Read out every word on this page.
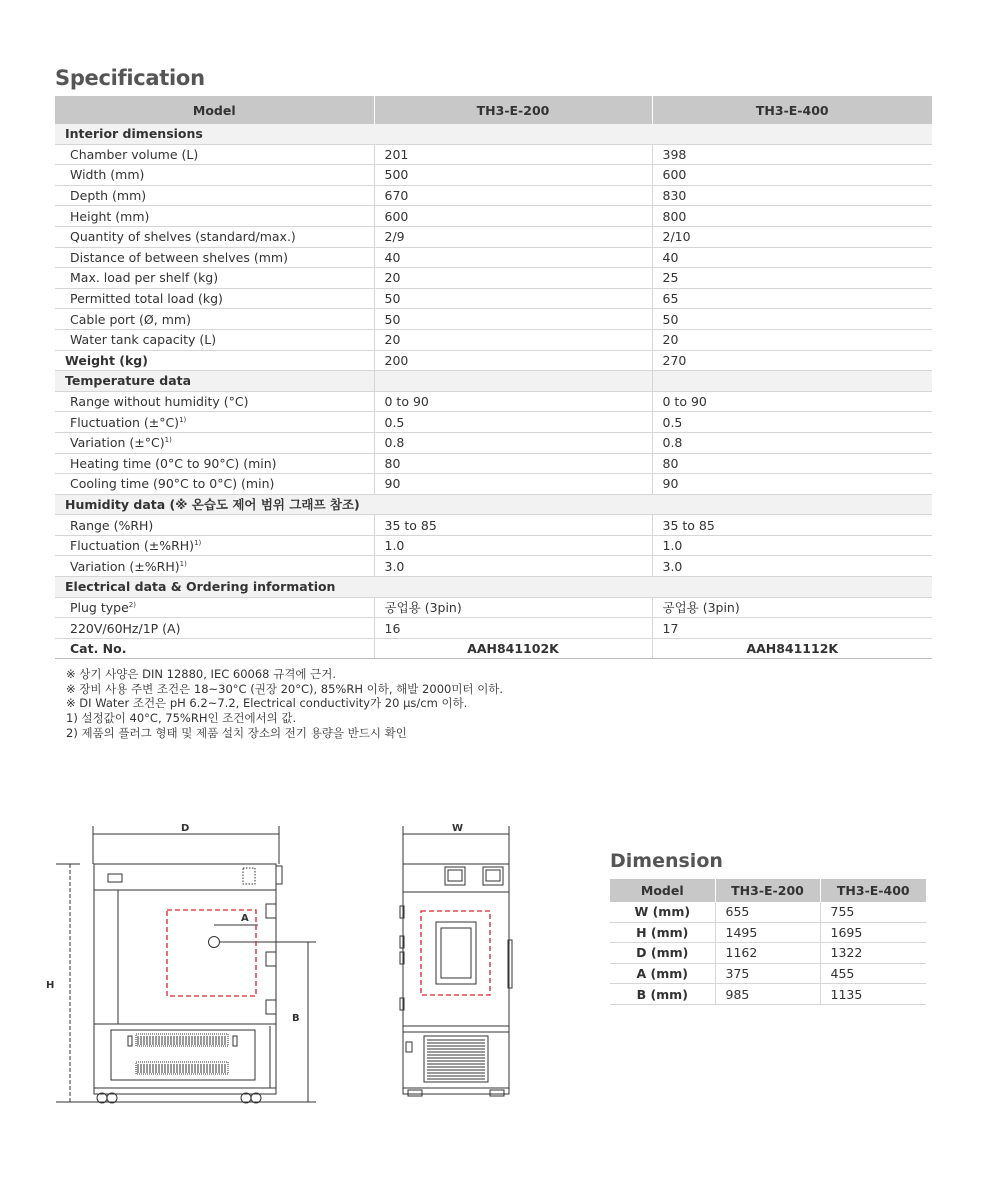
Specification
Model	TH3-E-200	TH3-E-400
Interior dimensions		
Chamber volume (L)	201	398
Width (mm)	500	600
Depth (mm)	670	830
Height (mm)	600	800
Quantity of shelves (standard/max.)	2/9	2/10
Distance of between shelves (mm)	40	40
Max. load per shelf (kg)	20	25
Permitted total load (kg)	50	65
Cable port (Ø, mm)	50	50
Water tank capacity (L)	20	20
Weight (kg)	200	270
Temperature data		
Range without humidity (°C)	0 to 90	0 to 90
Fluctuation $(\pm^\circ C)^{1)}$	0.5	0.5
Variation $(\pm^\circ C)^{1)}$	0.8	0.8
Heating time (0°C to 90°C) (min)	80	80
Cooling time (90°C to 0°C) (min)	90	90
Humidity data (※ 온습도 제어 범위 그래프 참조)		
Range (%RH)	35 to 85	35 to 85
Fluctuation $(\pm\%RH)^{1)}$	1.0	1.0
Variation $(\pm\%RH)^{1)}$	3.0	3.0
Electrical data & Ordering information		
Plug type$^{2)}$	공업용 (3pin)	공업용 (3pin)
220V/60Hz/1P (A)	16	17
Cat. No.	AAH841102K	AAH841112K
※ 상기 사양은 DIN 12880, IEC 60068 규격에 근거.
※ 장비 사용 주변 조건은 18~30°C (권장 20°C), 85%RH 이하, 해발 2000미터 이하.
※ DI Water 조건은 pH 6.2~7.2, Electrical conductivity가 20 µs/cm 이하.
1) 설정값이 40°C, 75%RH인 조건에서의 값.
2) 제품의 플러그 형태 및 제품 설치 장소의 전기 용량을 반드시 확인
D	W
H
A
B
Dimension
Model	TH3-E-200	TH3-E-400
W (mm)	655	755
H (mm)	1495	1695
D (mm)	1162	1322
A (mm)	375	455
B (mm)	985	1135
